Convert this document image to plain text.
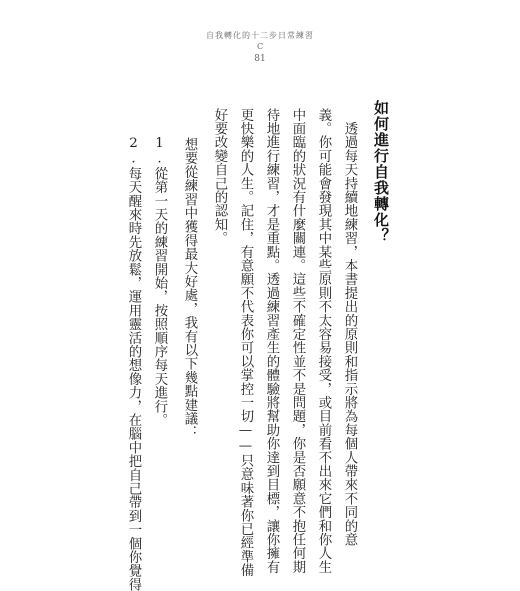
自我轉化的十二步日常練習
C
81
如何進行自我轉化？
　透過每天持續地練習，本書提出的原則和指示將為每個人帶來不同的意
義。你可能會發現其中某些原則不太容易接受，或目前看不出來它們和你人生
中面臨的狀況有什麼關連。這些不確定性並不是問題，你是否願意不抱任何期
待地進行練習，才是重點。透過練習產生的體驗將幫助你達到目標，讓你擁有
更快樂的人生。記住，有意願不代表你可以掌控一切——只意味著你已經準備
好要改變自己的認知。
　想要從練習中獲得最大好處，我有以下幾點建議：
1.從第一天的練習開始，按照順序每天進行。
2.每天醒來時先放鬆，運用靈活的想像力，在腦中把自己帶到一個你覺得
